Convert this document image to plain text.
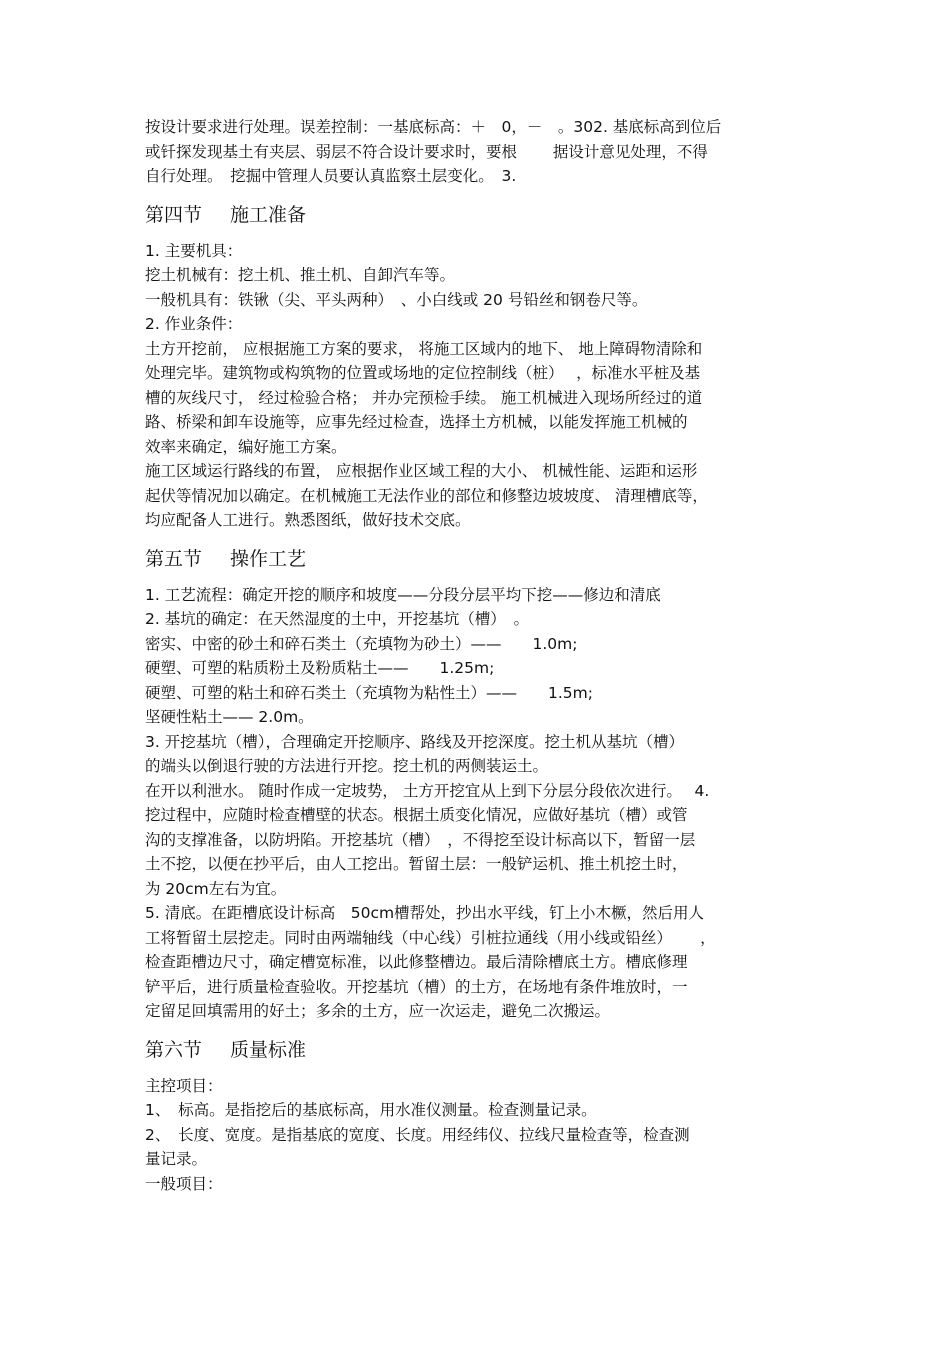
按设计要求进行处理。误差控制：一基底标高：＋　0，－　。302. 基底标高到位后
或钎探发现基土有夹层、弱层不符合设计要求时，要根　　 据设计意见处理，不得
自行处理。　挖掘中管理人员要认真监察土层变化。　3.
第四节 施工准备
1. 主要机具：
挖土机械有：挖土机、推土机、自卸汽车等。
一般机具有：铁锹（尖、平头两种）　、小白线或 20 号铅丝和钢卷尺等。
2. 作业条件：
土方开挖前， 应根据施工方案的要求， 将施工区域内的地下、 地上障碍物清除和
处理完毕。建筑物或构筑物的位置或场地的定位控制线（桩）　 ，标准水平桩及基
槽的灰线尺寸， 经过检验合格； 并办完预检手续。 施工机械进入现场所经过的道
路、桥梁和卸车设施等，应事先经过检查，选择土方机械，以能发挥施工机械的
效率来确定，编好施工方案。
施工区域运行路线的布置， 应根据作业区域工程的大小、 机械性能、运距和运形
起伏等情况加以确定。在机械施工无法作业的部位和修整边坡坡度、 清理槽底等，
均应配备人工进行。熟悉图纸，做好技术交底。
第五节 操作工艺
1. 工艺流程：确定开挖的顺序和坡度——分段分层平均下挖——修边和清底
2. 基坑的确定：在天然湿度的土中，开挖基坑（槽）　。
密实、中密的砂土和碎石类土（充填物为砂土）——　　1.0m;
硬塑、可塑的粘质粉土及粉质粘土——　　1.25m;
硬塑、可塑的粘土和碎石类土（充填物为粘性土）——　　1.5m;
坚硬性粘土—— 2.0m。
3. 开挖基坑（槽），合理确定开挖顺序、路线及开挖深度。挖土机从基坑（槽）
的端头以倒退行驶的方法进行开挖。挖土机的两侧装运土。
在开以利泄水。 随时作成一定坡势， 土方开挖宜从上到下分层分段依次进行。　 4.
挖过程中，应随时检查槽壁的状态。根据土质变化情况，应做好基坑（槽）或管
沟的支撑准备，以防坍陷。开挖基坑（槽）　，不得挖至设计标高以下，暂留一层
土不挖，以便在抄平后，由人工挖出。暂留土层：一般铲运机、推土机挖土时，
为 20cm左右为宜。
5. 清底。在距槽底设计标高　50cm槽帮处，抄出水平线，钉上小木橛，然后用人
工将暂留土层挖走。同时由两端轴线（中心线）引桩拉通线（用小线或铅丝）　　 ，
检查距槽边尺寸，确定槽宽标准，以此修整槽边。最后清除槽底土方。槽底修理
铲平后，进行质量检查验收。开挖基坑（槽）的土方，在场地有条件堆放时，一
定留足回填需用的好土；多余的土方，应一次运走，避免二次搬运。
第六节 质量标准
主控项目：
1、　标高。是指挖后的基底标高，用水准仪测量。检查测量记录。
2、　长度、宽度。是指基底的宽度、长度。用经纬仪、拉线尺量检查等，检查测
量记录。
一般项目：
